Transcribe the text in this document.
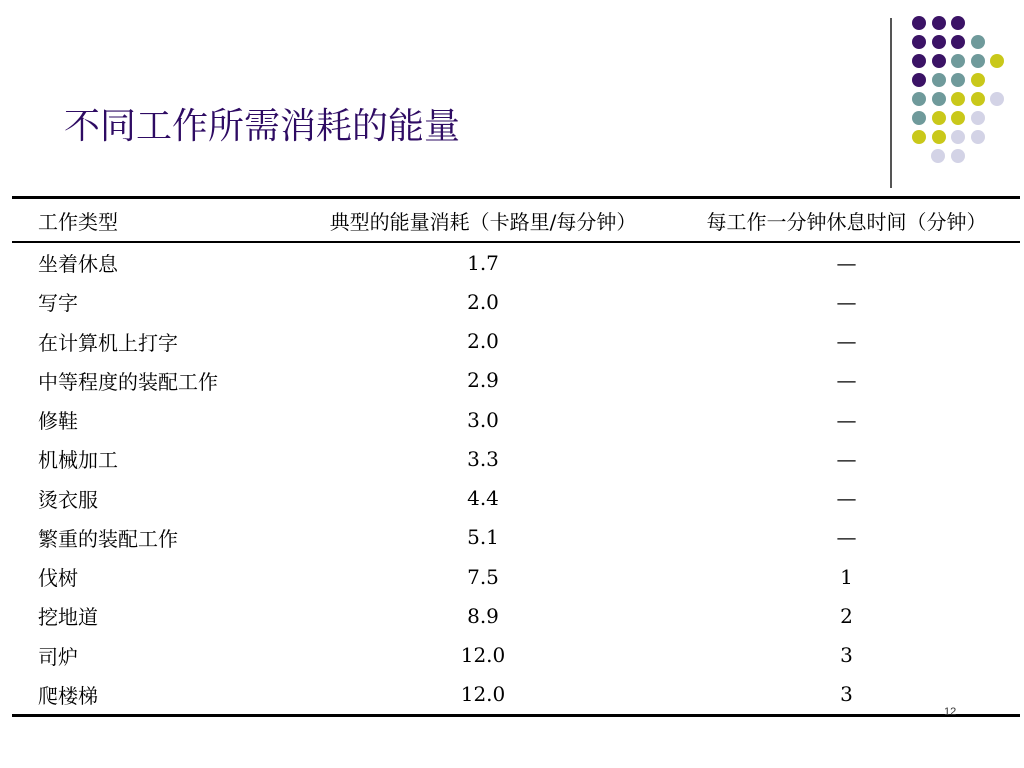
不同工作所需消耗的能量
工作类型	典型的能量消耗（卡路里/每分钟）	每工作一分钟休息时间（分钟）
坐着休息	1.7	—
写字	2.0	—
在计算机上打字	2.0	—
中等程度的装配工作	2.9	—
修鞋	3.0	—
机械加工	3.3	—
烫衣服	4.4	—
繁重的装配工作	5.1	—
伐树	7.5	1
挖地道	8.9	2
司炉	12.0	3
爬楼梯	12.0	3
12
